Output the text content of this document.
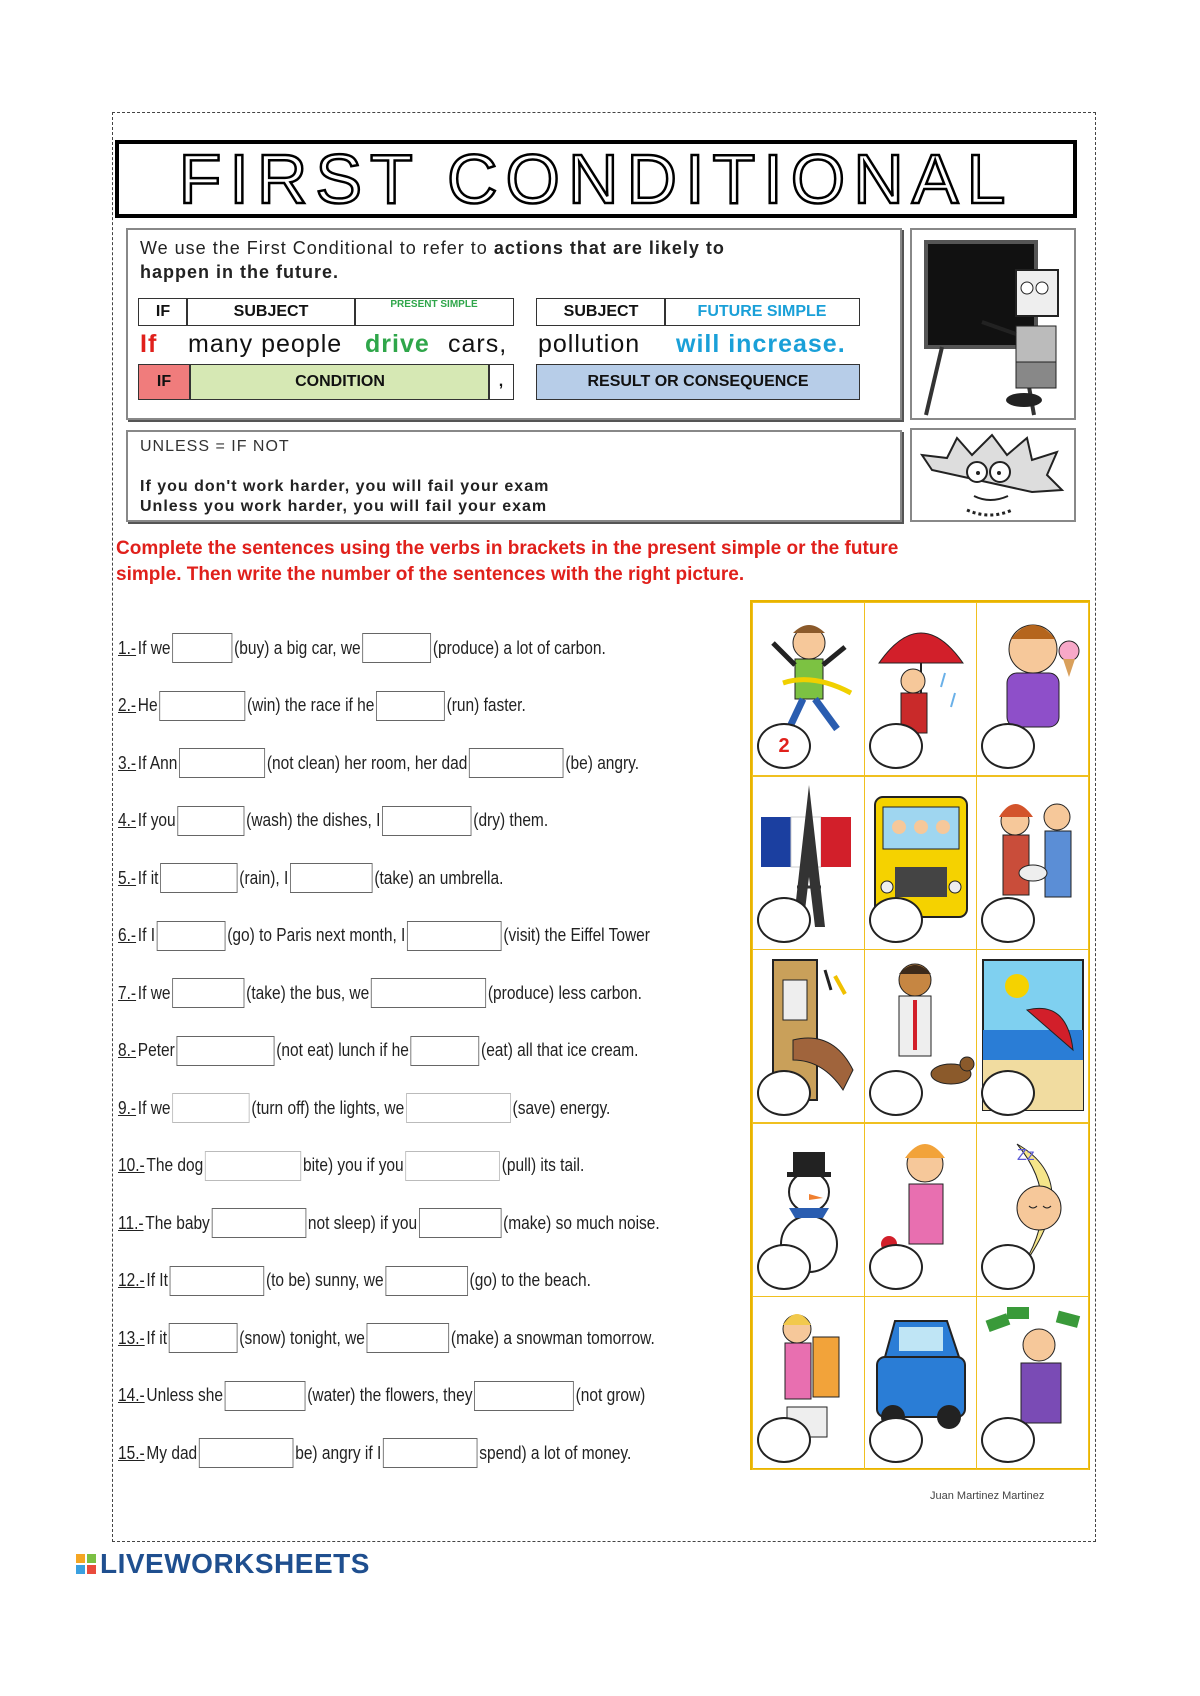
FIRST CONDITIONAL
We use the First Conditional to refer to actions that are likely to
happen in the future.
IF	SUBJECT	PRESENT SIMPLE	SUBJECT	FUTURE SIMPLE
If many people drive cars, pollution will increase.
IF	CONDITION	,	RESULT OR CONSEQUENCE
UNLESS = IF NOT
If you don't work harder, you will fail your exam
Unless you work harder, you will fail your exam
Complete the sentences using the verbs in brackets in the present simple or the future
simple. Then write the number of the sentences with the right picture.
1.- If we	(buy) a big car, we	(produce) a lot of carbon.
2.- He	(win) the race if he	(run) faster.
3.- If Ann	(not clean) her room, her dad	(be) angry.
4.- If you	(wash) the dishes, I	(dry) them.
5.- If it	(rain), I	(take) an umbrella.
6.- If I	(go) to Paris next month, I	(visit) the Eiffel Tower
7.- If we	(take) the bus, we	(produce) less carbon.
8.- Peter	(not eat) lunch if he	(eat) all that ice cream.
9.- If we	(turn off) the lights, we	(save) energy.
10.- The dog	bite) you if you	(pull) its tail.
11.- The baby	not sleep) if you	(make) so much noise.
12.- If It	(to be) sunny, we	(go) to the beach.
13.- If it	(snow) tonight, we	(make) a snowman tomorrow.
14.- Unless she	(water) the flowers, they	(not grow)
15.- My dad	be) angry if I	spend) a lot of money.
2
Zz
Juan Martinez Martinez
LIVEWORKSHEETS
